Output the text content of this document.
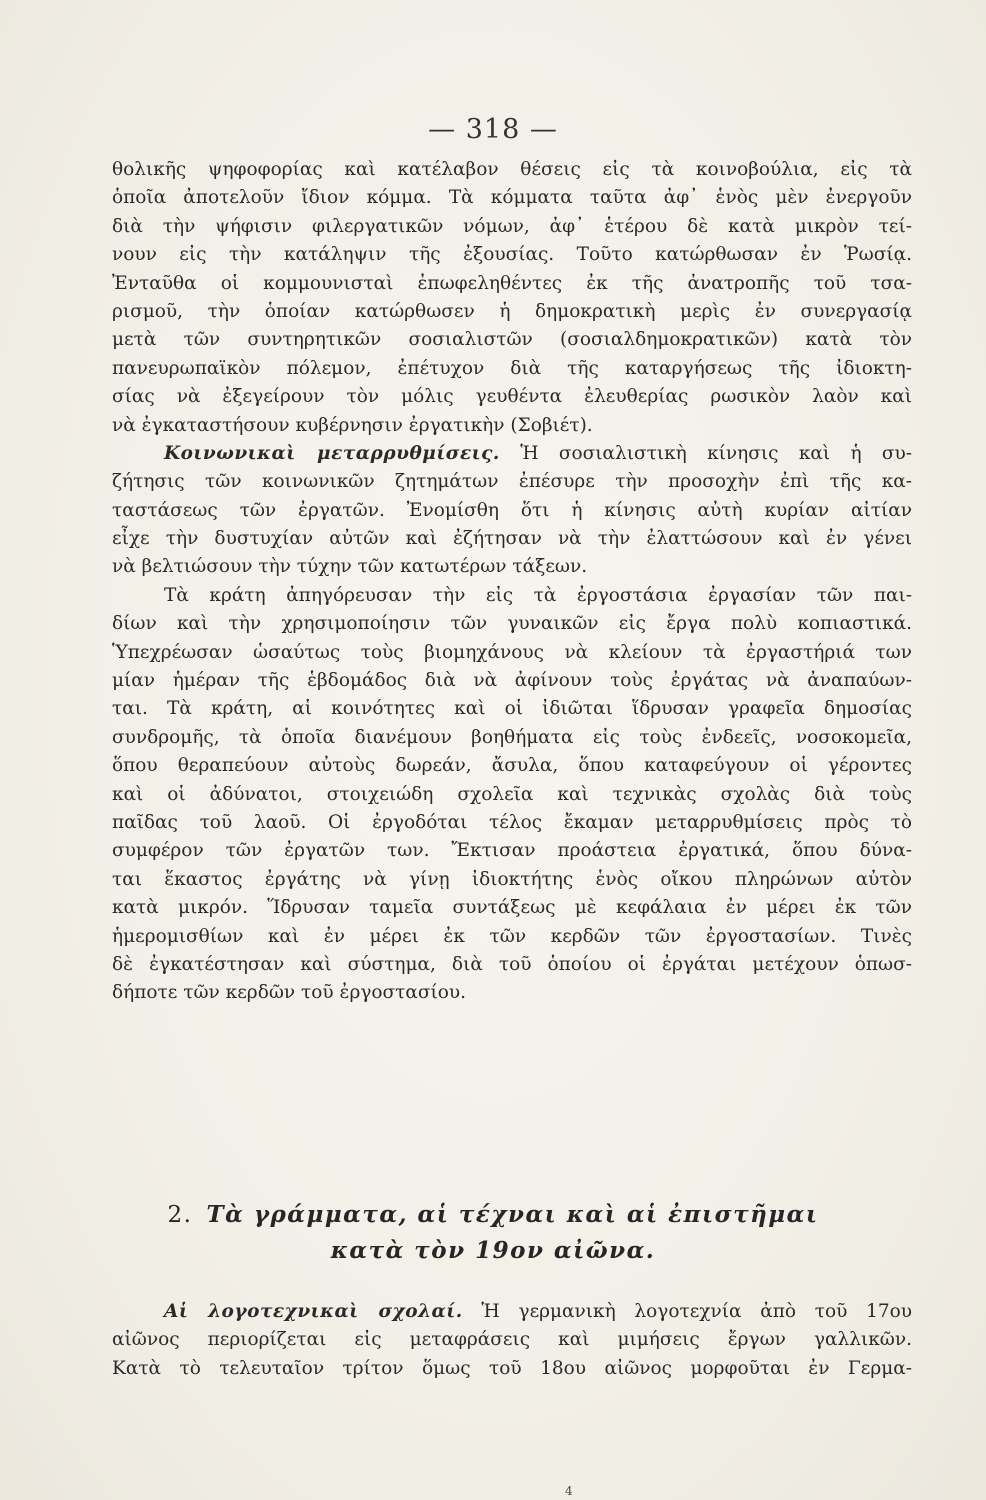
— 318 —
θολικῆς ψηφοφορίας καὶ κατέλαβον θέσεις εἰς τὰ κοινοβούλια, εἰς τὰ
ὁποῖα ἀποτελοῦν ἴδιον κόμμα. Τὰ κόμματα ταῦτα ἀφ᾽ ἑνὸς μὲν ἐνεργοῦν
διὰ τὴν ψήφισιν φιλεργατικῶν νόμων, ἀφ᾽ ἑτέρου δὲ κατὰ μικρὸν τεί-
νουν εἰς τὴν κατάληψιν τῆς ἐξουσίας. Τοῦτο κατώρθωσαν ἐν Ῥωσίᾳ.
Ἐνταῦθα οἱ κομμουνισταὶ ἐπωφεληθέντες ἐκ τῆς ἀνατροπῆς τοῦ τσα-
ρισμοῦ, τὴν ὁποίαν κατώρθωσεν ἡ δημοκρατικὴ μερὶς ἐν συνεργασίᾳ
μετὰ τῶν συντηρητικῶν σοσιαλιστῶν (σοσιαλδημοκρατικῶν) κατὰ τὸν
πανευρωπαϊκὸν πόλεμον, ἐπέτυχον διὰ τῆς καταργήσεως τῆς ἰδιοκτη-
σίας νὰ ἐξεγείρουν τὸν μόλις γευθέντα ἐλευθερίας ρωσικὸν λαὸν καὶ
νὰ ἐγκαταστήσουν κυβέρνησιν ἐργατικὴν (Σοβιέτ).
Κοινωνικαὶ μεταρρυθμίσεις. Ἡ σοσιαλιστικὴ κίνησις καὶ ἡ συ-
ζήτησις τῶν κοινωνικῶν ζητημάτων ἐπέσυρε τὴν προσοχὴν ἐπὶ τῆς κα-
ταστάσεως τῶν ἐργατῶν. Ἐνομίσθη ὅτι ἡ κίνησις αὐτὴ κυρίαν αἰτίαν
εἶχε τὴν δυστυχίαν αὐτῶν καὶ ἐζήτησαν νὰ τὴν ἐλαττώσουν καὶ ἐν γένει
νὰ βελτιώσουν τὴν τύχην τῶν κατωτέρων τάξεων.
Τὰ κράτη ἀπηγόρευσαν τὴν εἰς τὰ ἐργοστάσια ἐργασίαν τῶν παι-
δίων καὶ τὴν χρησιμοποίησιν τῶν γυναικῶν εἰς ἔργα πολὺ κοπιαστικά.
Ὑπεχρέωσαν ὡσαύτως τοὺς βιομηχάνους νὰ κλείουν τὰ ἐργαστήριά των
μίαν ἡμέραν τῆς ἑβδομάδος διὰ νὰ ἀφίνουν τοὺς ἐργάτας νὰ ἀναπαύων-
ται. Τὰ κράτη, αἱ κοινότητες καὶ οἱ ἰδιῶται ἵδρυσαν γραφεῖα δημοσίας
συνδρομῆς, τὰ ὁποῖα διανέμουν βοηθήματα εἰς τοὺς ἐνδεεῖς, νοσοκομεῖα,
ὅπου θεραπεύουν αὐτοὺς δωρεάν, ἄσυλα, ὅπου καταφεύγουν οἱ γέροντες
καὶ οἱ ἀδύνατοι, στοιχειώδη σχολεῖα καὶ τεχνικὰς σχολὰς διὰ τοὺς
παῖδας τοῦ λαοῦ. Οἱ ἐργοδόται τέλος ἔκαμαν μεταρρυθμίσεις πρὸς τὸ
συμφέρον τῶν ἐργατῶν των. Ἔκτισαν προάστεια ἐργατικά, ὅπου δύνα-
ται ἕκαστος ἐργάτης νὰ γίνῃ ἰδιοκτήτης ἑνὸς οἴκου πληρώνων αὐτὸν
κατὰ μικρόν. Ἵδρυσαν ταμεῖα συντάξεως μὲ κεφάλαια ἐν μέρει ἐκ τῶν
ἡμερομισθίων καὶ ἐν μέρει ἐκ τῶν κερδῶν τῶν ἐργοστασίων. Τινὲς
δὲ ἐγκατέστησαν καὶ σύστημα, διὰ τοῦ ὁποίου οἱ ἐργάται μετέχουν ὁπωσ-
δήποτε τῶν κερδῶν τοῦ ἐργοστασίου.
2. Τὰ γράμματα, αἱ τέχναι καὶ αἱ ἐπιστῆμαι
κατὰ τὸν 19ον αἰῶνα.
Αἱ λογοτεχνικαὶ σχολαί. Ἡ γερμανικὴ λογοτεχνία ἀπὸ τοῦ 17ου
αἰῶνος περιορίζεται εἰς μεταφράσεις καὶ μιμήσεις ἔργων γαλλικῶν.
Κατὰ τὸ τελευταῖον τρίτον ὅμως τοῦ 18ου αἰῶνος μορφοῦται ἐν Γερμα-
4
